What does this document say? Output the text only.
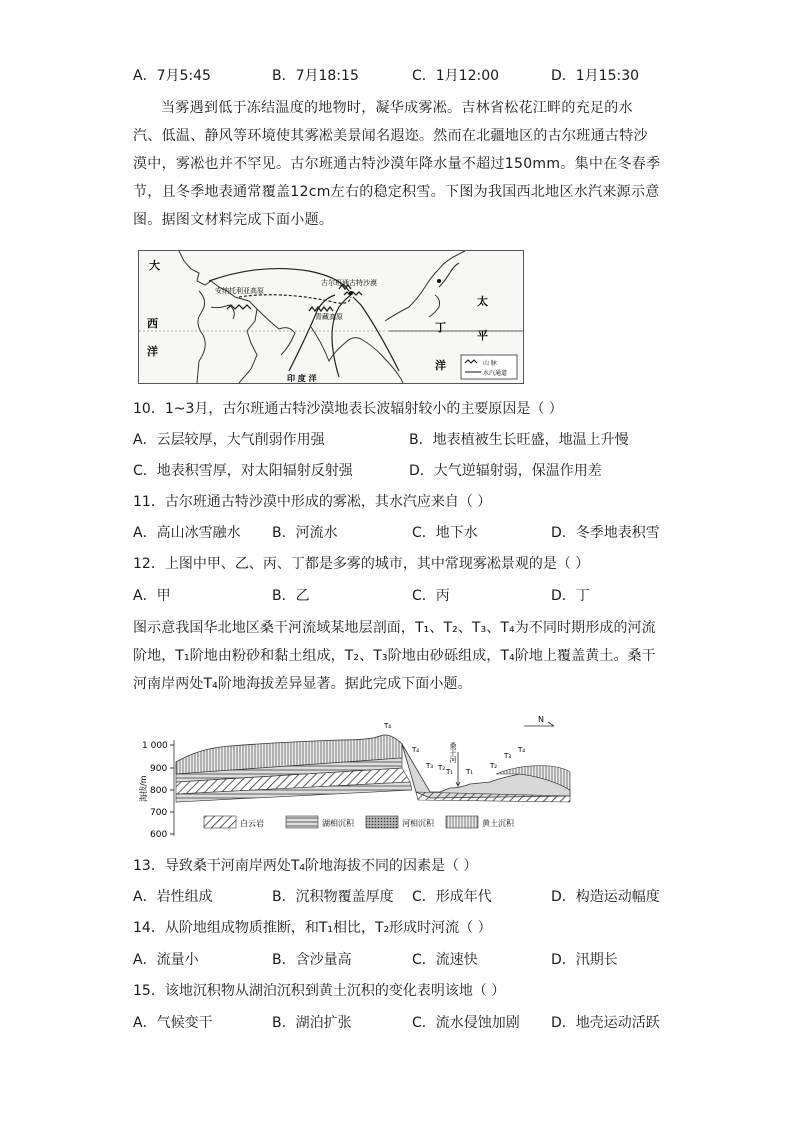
A．7月5:45	B．7月18:15	C．1月12:00	D．1月15:30
当雾遇到低于冻结温度的地物时，凝华成雾凇。吉林省松花江畔的充足的水汽、低温、静风等环境使其雾凇美景闻名遐迩。然而在北疆地区的古尔班通古特沙漠中，雾凇也并不罕见。古尔班通古特沙漠年降水量不超过150mm。集中在冬春季节，且冬季地表通常覆盖12cm左右的稳定积雪。下图为我国西北地区水汽来源示意图。据图文材料完成下面小题。
大
西
洋
古尔班通古特沙漠
安纳托利亚高原
青藏高原
太
平
洋
丁
印 度 洋
山 脉
水汽通道
10．1~3月，古尔班通古特沙漠地表长波辐射较小的主要原因是（ ）
A．云层较厚，大气削弱作用强	B．地表植被生长旺盛，地温上升慢
C．地表积雪厚，对太阳辐射反射强	D．大气逆辐射弱，保温作用差
11．古尔班通古特沙漠中形成的雾凇，其水汽应来自（ ）
A．高山冰雪融水 B．河流水	C．地下水	D．冬季地表积雪
12．上图中甲、乙、丙、丁都是多雾的城市，其中常现雾凇景观的是（ ）
A．甲	B．乙	C．丙	D．丁
图示意我国华北地区桑干河流域某地层剖面，T₁、T₂、T₃、T₄为不同时期形成的河流阶地，T₁阶地由粉砂和黏土组成，T₂、T₃阶地由砂砾组成，T₄阶地上覆盖黄土。桑干河南岸两处T₄阶地海拔差异显著。据此完成下面小题。
1 000
900
800
700
600
海拔/m
N
T₄
T₄
T₃ T₂ T₁ T₁
T₂
T₃
T₄
桑干河
白云岩	湖相沉积	河相沉积	黄土沉积
13．导致桑干河南岸两处T₄阶地海拔不同的因素是（ ）
A．岩性组成	B．沉积物覆盖厚度 C．形成年代	D．构造运动幅度
14．从阶地组成物质推断，和T₁相比，T₂形成时河流（ ）
A．流量小	B．含沙量高	C．流速快	D．汛期长
15．该地沉积物从湖泊沉积到黄土沉积的变化表明该地（ ）
A．气候变干	B．湖泊扩张	C．流水侵蚀加剧 D．地壳运动活跃
